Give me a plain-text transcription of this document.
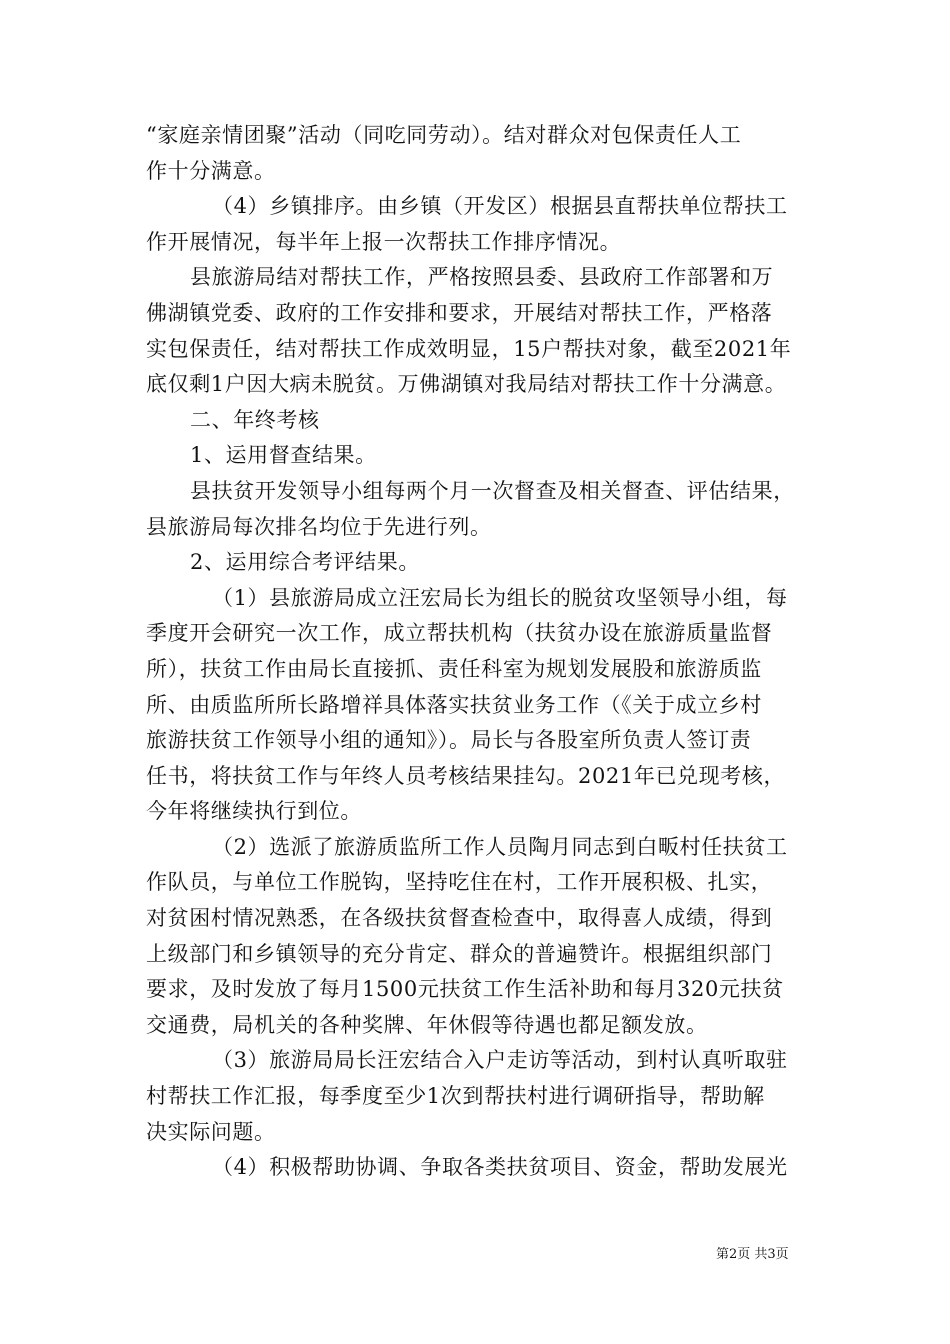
“家庭亲情团聚”活动（同吃同劳动）。结对群众对包保责任人工
作十分满意。
（4）乡镇排序。由乡镇（开发区）根据县直帮扶单位帮扶工
作开展情况，每半年上报一次帮扶工作排序情况。
县旅游局结对帮扶工作，严格按照县委、县政府工作部署和万
佛湖镇党委、政府的工作安排和要求，开展结对帮扶工作，严格落
实包保责任，结对帮扶工作成效明显，15户帮扶对象，截至2021年
底仅剩1户因大病未脱贫。万佛湖镇对我局结对帮扶工作十分满意。
二、年终考核
1、运用督查结果。
县扶贫开发领导小组每两个月一次督查及相关督查、评估结果，
县旅游局每次排名均位于先进行列。
2、运用综合考评结果。
（1）县旅游局成立汪宏局长为组长的脱贫攻坚领导小组，每
季度开会研究一次工作，成立帮扶机构（扶贫办设在旅游质量监督
所），扶贫工作由局长直接抓、责任科室为规划发展股和旅游质监
所、由质监所所长路增祥具体落实扶贫业务工作（《关于成立乡村
旅游扶贫工作领导小组的通知》）。局长与各股室所负责人签订责
任书，将扶贫工作与年终人员考核结果挂勾。2021年已兑现考核，
今年将继续执行到位。
（2）选派了旅游质监所工作人员陶月同志到白畈村任扶贫工
作队员，与单位工作脱钩，坚持吃住在村，工作开展积极、扎实，
对贫困村情况熟悉，在各级扶贫督查检查中，取得喜人成绩，得到
上级部门和乡镇领导的充分肯定、群众的普遍赞许。根据组织部门
要求，及时发放了每月1500元扶贫工作生活补助和每月320元扶贫
交通费，局机关的各种奖牌、年休假等待遇也都足额发放。
（3）旅游局局长汪宏结合入户走访等活动，到村认真听取驻
村帮扶工作汇报，每季度至少1次到帮扶村进行调研指导，帮助解
决实际问题。
（4）积极帮助协调、争取各类扶贫项目、资金，帮助发展光
第2页 共3页
